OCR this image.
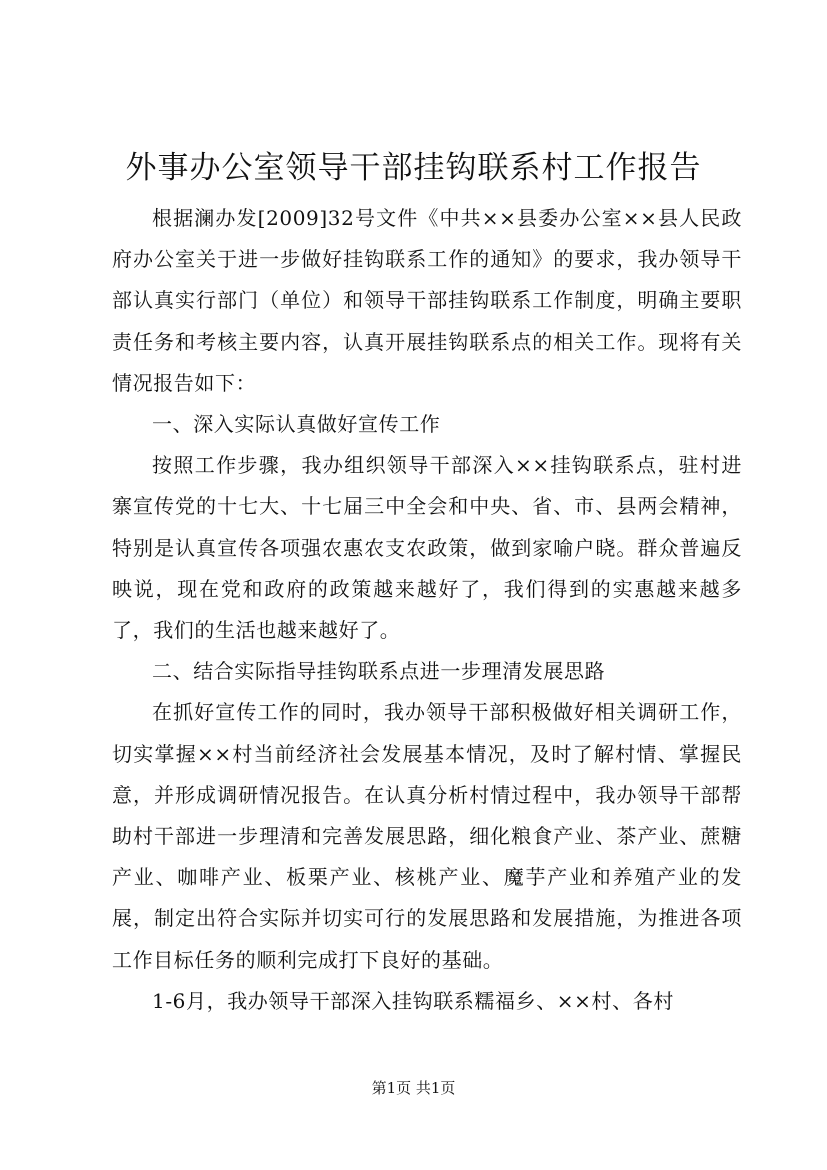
外事办公室领导干部挂钩联系村工作报告

根据澜办发[2009]32号文件《中共××县委办公室××县人民政府办公室关于进一步做好挂钩联系工作的通知》的要求，我办领导干部认真实行部门（单位）和领导干部挂钩联系工作制度，明确主要职责任务和考核主要内容，认真开展挂钩联系点的相关工作。现将有关情况报告如下：

一、深入实际认真做好宣传工作

按照工作步骤，我办组织领导干部深入××挂钩联系点，驻村进寨宣传党的十七大、十七届三中全会和中央、省、市、县两会精神，特别是认真宣传各项强农惠农支农政策，做到家喻户晓。群众普遍反映说，现在党和政府的政策越来越好了，我们得到的实惠越来越多了，我们的生活也越来越好了。

二、结合实际指导挂钩联系点进一步理清发展思路

在抓好宣传工作的同时，我办领导干部积极做好相关调研工作，切实掌握××村当前经济社会发展基本情况，及时了解村情、掌握民意，并形成调研情况报告。在认真分析村情过程中，我办领导干部帮助村干部进一步理清和完善发展思路，细化粮食产业、茶产业、蔗糖产业、咖啡产业、板栗产业、核桃产业、魔芋产业和养殖产业的发展，制定出符合实际并切实可行的发展思路和发展措施，为推进各项工作目标任务的顺利完成打下良好的基础。

1-6月，我办领导干部深入挂钩联系糯福乡、××村、各村

第1页 共1页
